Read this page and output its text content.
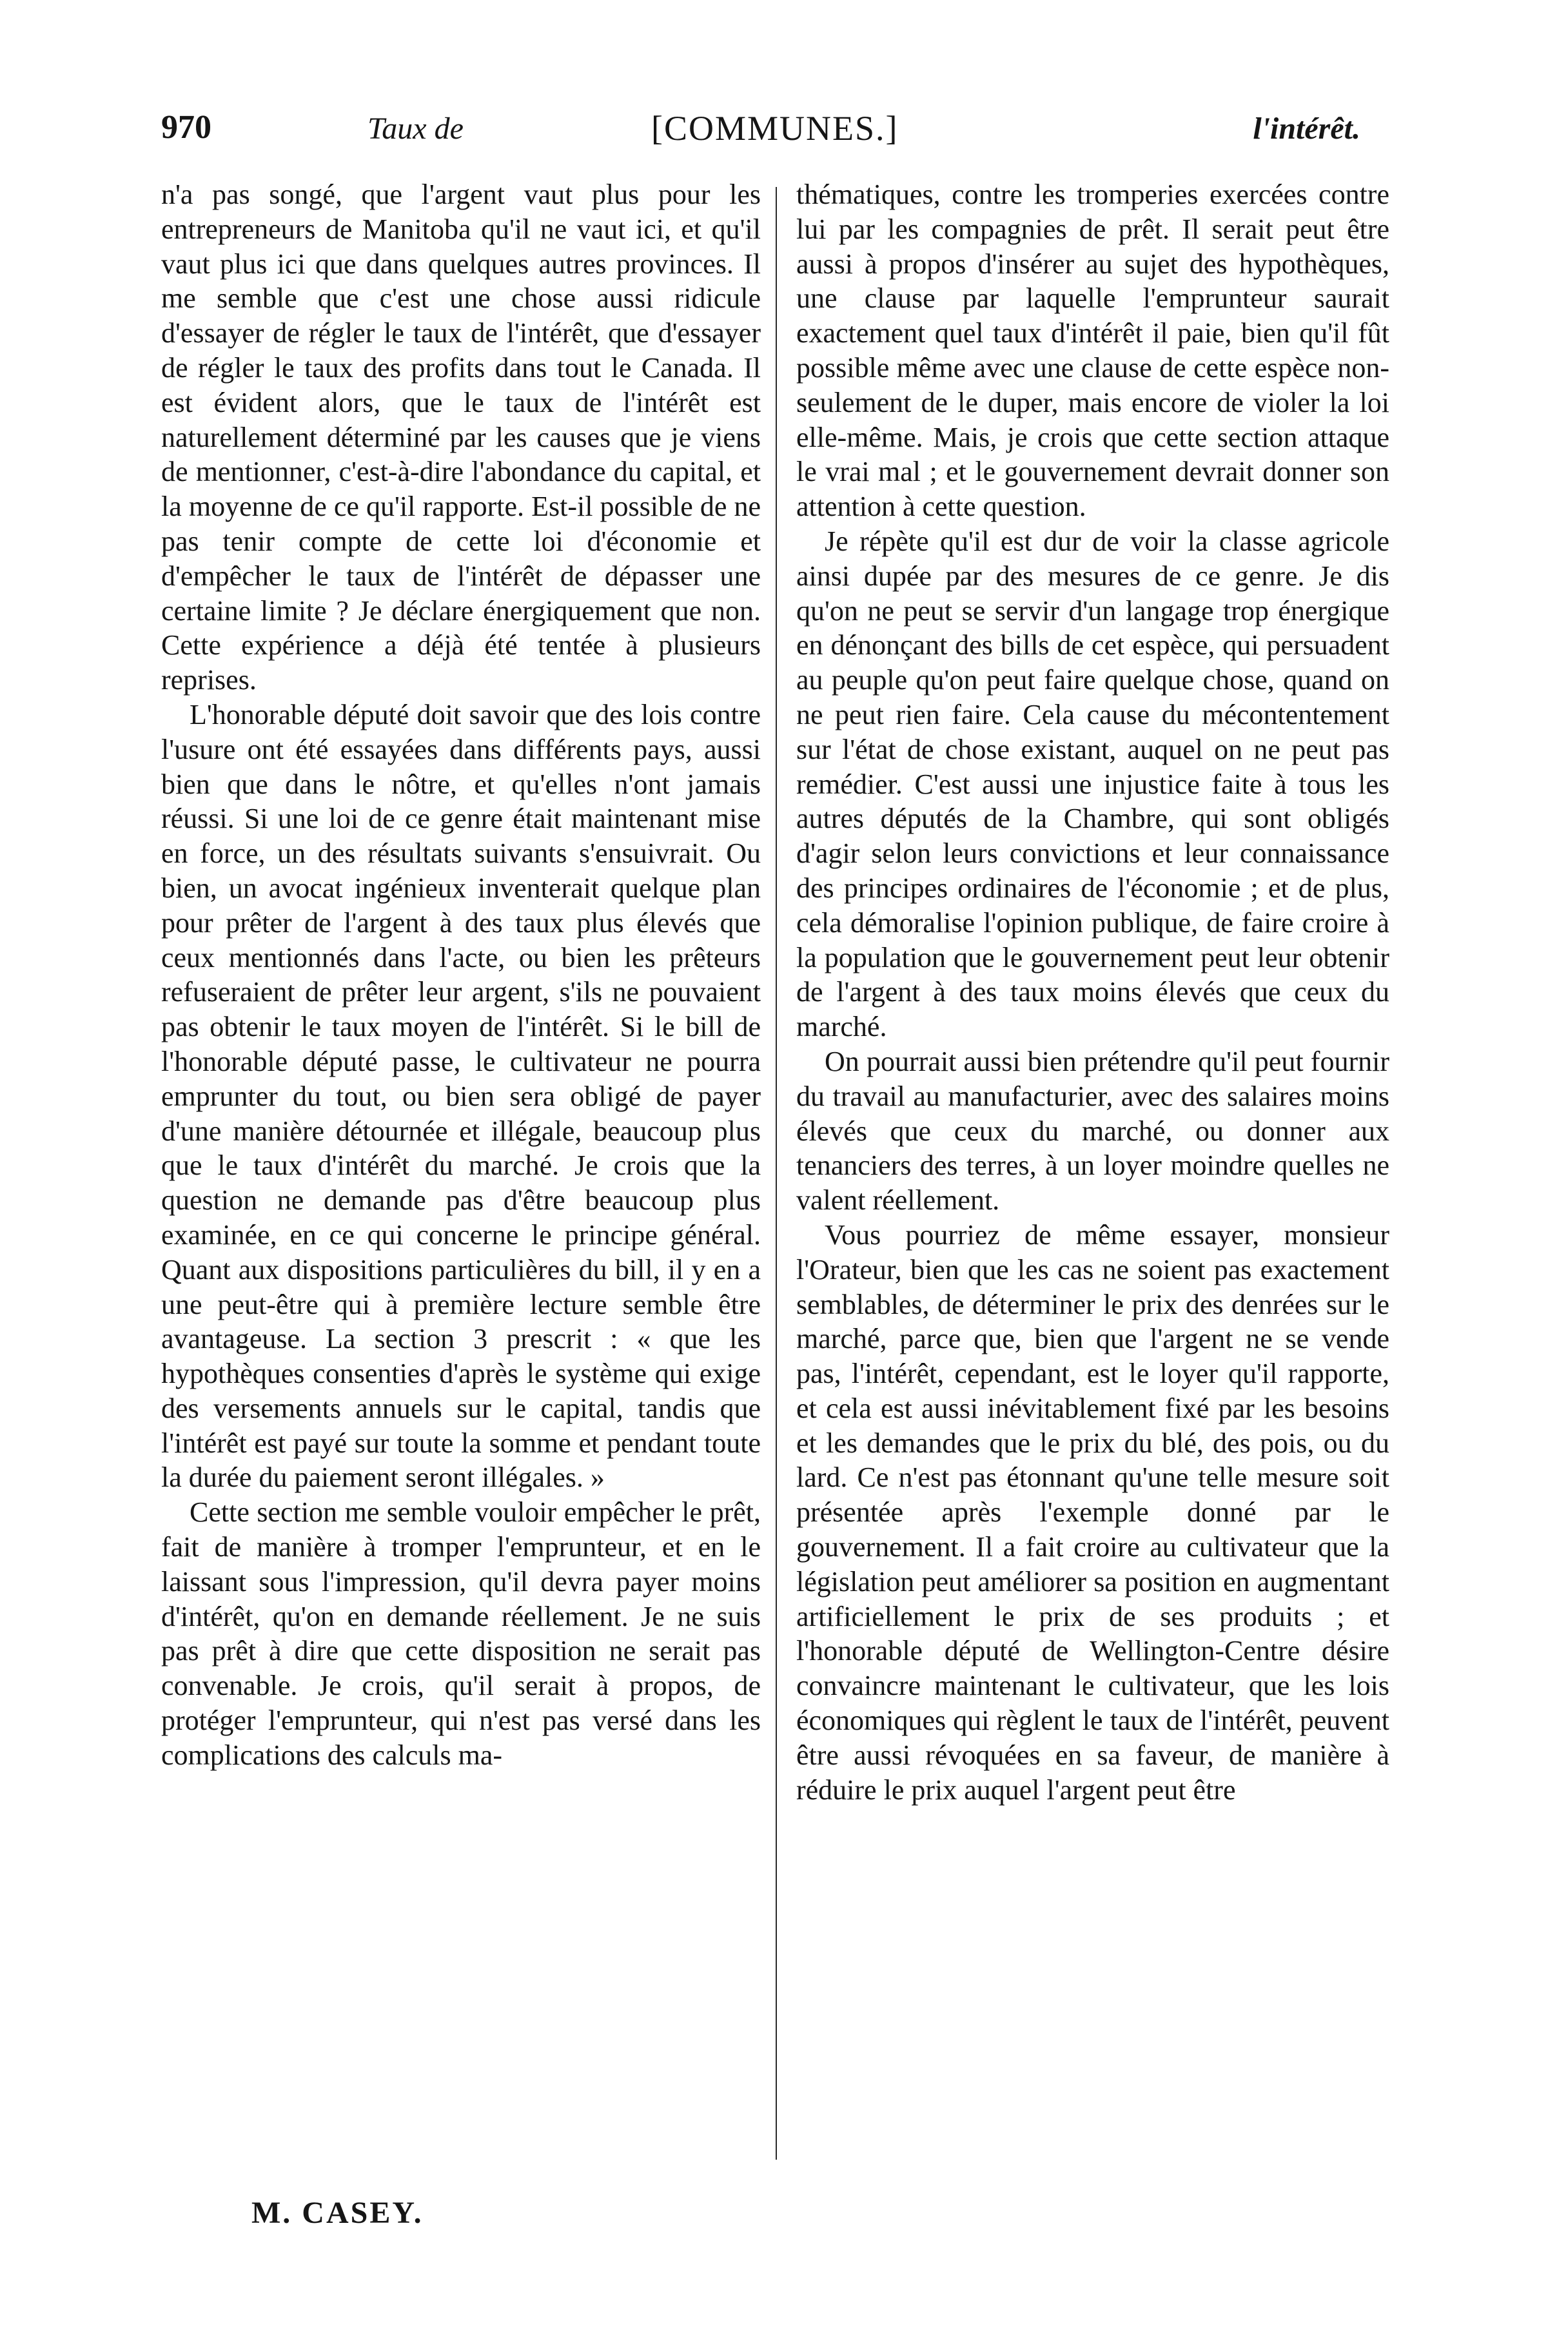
970	Taux de	[COMMUNES.]	l'intérêt.

n'a pas songé, que l'argent vaut plus pour les entrepreneurs de Manitoba qu'il ne vaut ici, et qu'il vaut plus ici que dans quelques autres provinces. Il me semble que c'est une chose aussi ridicule d'essayer de régler le taux de l'intérêt, que d'essayer de régler le taux des profits dans tout le Canada. Il est évident alors, que le taux de l'intérêt est naturellement déterminé par les causes que je viens de mentionner, c'est-à-dire l'abondance du capital, et la moyenne de ce qu'il rapporte. Est-il possible de ne pas tenir compte de cette loi d'économie et d'empêcher le taux de l'intérêt de dépasser une certaine limite ? Je déclare énergiquement que non. Cette expérience a déjà été tentée à plusieurs reprises.

L'honorable député doit savoir que des lois contre l'usure ont été essayées dans différents pays, aussi bien que dans le nôtre, et qu'elles n'ont jamais réussi. Si une loi de ce genre était maintenant mise en force, un des résultats suivants s'ensuivrait. Ou bien, un avocat ingénieux inventerait quelque plan pour prêter de l'argent à des taux plus élevés que ceux mentionnés dans l'acte, ou bien les prêteurs refuseraient de prêter leur argent, s'ils ne pouvaient pas obtenir le taux moyen de l'intérêt. Si le bill de l'honorable député passe, le cultivateur ne pourra emprunter du tout, ou bien sera obligé de payer d'une manière détournée et illégale, beaucoup plus que le taux d'intérêt du marché. Je crois que la question ne demande pas d'être beaucoup plus examinée, en ce qui concerne le principe général. Quant aux dispositions particulières du bill, il y en a une peut-être qui à première lecture semble être avantageuse. La section 3 prescrit : « que les hypothèques consenties d'après le système qui exige des versements annuels sur le capital, tandis que l'intérêt est payé sur toute la somme et pendant toute la durée du paiement seront illégales. »

Cette section me semble vouloir empêcher le prêt, fait de manière à tromper l'emprunteur, et en le laissant sous l'impression, qu'il devra payer moins d'intérêt, qu'on en demande réellement. Je ne suis pas prêt à dire que cette disposition ne serait pas convenable. Je crois, qu'il serait à propos, de protéger l'emprunteur, qui n'est pas versé dans les complications des calculs ma-

thématiques, contre les tromperies exercées contre lui par les compagnies de prêt. Il serait peut être aussi à propos d'insérer au sujet des hypothèques, une clause par laquelle l'emprunteur saurait exactement quel taux d'intérêt il paie, bien qu'il fût possible même avec une clause de cette espèce non-seulement de le duper, mais encore de violer la loi elle-même. Mais, je crois que cette section attaque le vrai mal ; et le gouvernement devrait donner son attention à cette question.

Je répète qu'il est dur de voir la classe agricole ainsi dupée par des mesures de ce genre. Je dis qu'on ne peut se servir d'un langage trop énergique en dénonçant des bills de cet espèce, qui persuadent au peuple qu'on peut faire quelque chose, quand on ne peut rien faire. Cela cause du mécontentement sur l'état de chose existant, auquel on ne peut pas remédier. C'est aussi une injustice faite à tous les autres députés de la Chambre, qui sont obligés d'agir selon leurs convictions et leur connaissance des principes ordinaires de l'économie ; et de plus, cela démoralise l'opinion publique, de faire croire à la population que le gouvernement peut leur obtenir de l'argent à des taux moins élevés que ceux du marché.

On pourrait aussi bien prétendre qu'il peut fournir du travail au manufacturier, avec des salaires moins élevés que ceux du marché, ou donner aux tenanciers des terres, à un loyer moindre quelles ne valent réellement.

Vous pourriez de même essayer, monsieur l'Orateur, bien que les cas ne soient pas exactement semblables, de déterminer le prix des denrées sur le marché, parce que, bien que l'argent ne se vende pas, l'intérêt, cependant, est le loyer qu'il rapporte, et cela est aussi inévitablement fixé par les besoins et les demandes que le prix du blé, des pois, ou du lard. Ce n'est pas étonnant qu'une telle mesure soit présentée après l'exemple donné par le gouvernement. Il a fait croire au cultivateur que la législation peut améliorer sa position en augmentant artificiellement le prix de ses produits ; et l'honorable député de Wellington-Centre désire convaincre maintenant le cultivateur, que les lois économiques qui règlent le taux de l'intérêt, peuvent être aussi révoquées en sa faveur, de manière à réduire le prix auquel l'argent peut être

M. CASEY.
